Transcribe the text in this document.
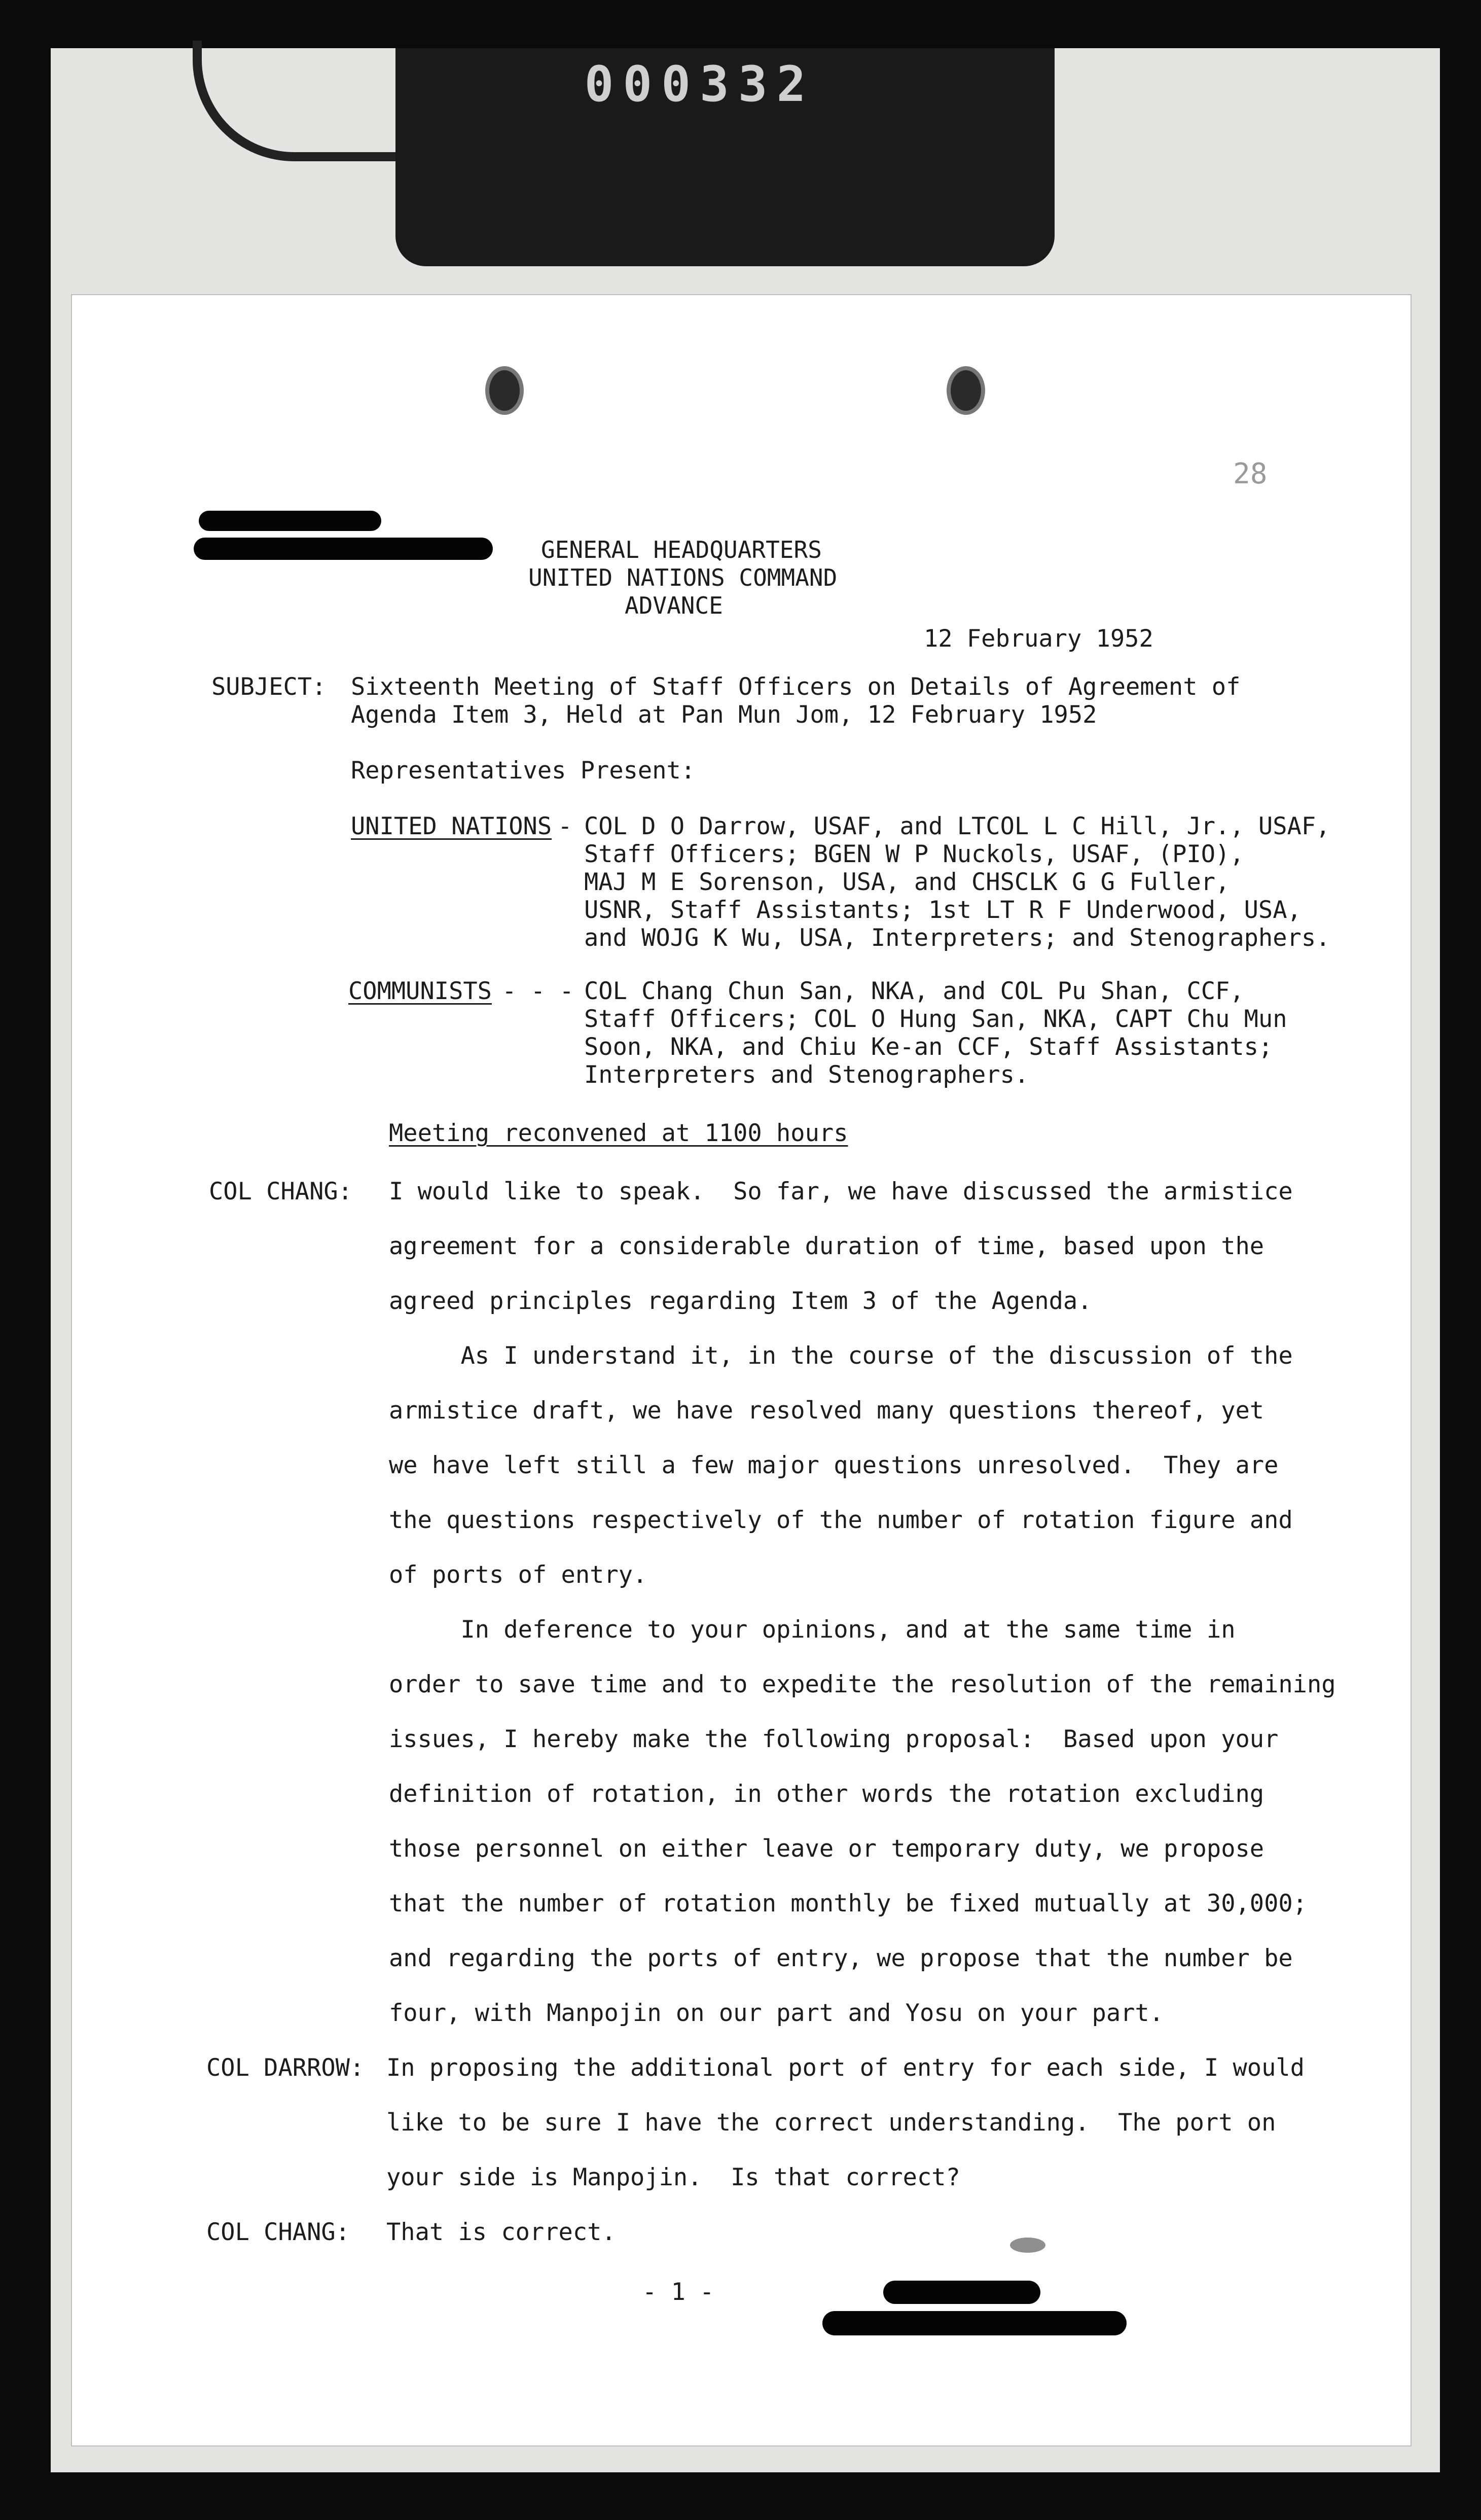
000332
28
GENERAL HEADQUARTERS
UNITED NATIONS COMMAND
ADVANCE
12 February 1952
SUBJECT: Sixteenth Meeting of Staff Officers on Details of Agreement of
Agenda Item 3, Held at Pan Mun Jom, 12 February 1952
Representatives Present:
UNITED NATIONS
-
COL D O Darrow, USAF, and LTCOL L C Hill, Jr., USAF,
Staff Officers; BGEN W P Nuckols, USAF, (PIO),
MAJ M E Sorenson, USA, and CHSCLK G G Fuller,
USNR, Staff Assistants; 1st LT R F Underwood, USA,
and WOJG K Wu, USA, Interpreters; and Stenographers.
COMMUNISTS
- - -
COL Chang Chun San, NKA, and COL Pu Shan, CCF,
Staff Officers; COL O Hung San, NKA, CAPT Chu Mun
Soon, NKA, and Chiu Ke-an CCF, Staff Assistants;
Interpreters and Stenographers.
Meeting reconvened at 1100 hours
COL CHANG: I would like to speak.  So far, we have discussed the armistice
agreement for a considerable duration of time, based upon the
agreed principles regarding Item 3 of the Agenda.
As I understand it, in the course of the discussion of the
armistice draft, we have resolved many questions thereof, yet
we have left still a few major questions unresolved.  They are
the questions respectively of the number of rotation figure and
of ports of entry.
In deference to your opinions, and at the same time in
order to save time and to expedite the resolution of the remaining
issues, I hereby make the following proposal:  Based upon your
definition of rotation, in other words the rotation excluding
those personnel on either leave or temporary duty, we propose
that the number of rotation monthly be fixed mutually at 30,000;
and regarding the ports of entry, we propose that the number be
four, with Manpojin on our part and Yosu on your part.
COL DARROW: In proposing the additional port of entry for each side, I would
like to be sure I have the correct understanding.  The port on
your side is Manpojin.  Is that correct?
COL CHANG: That is correct.
- 1 -
